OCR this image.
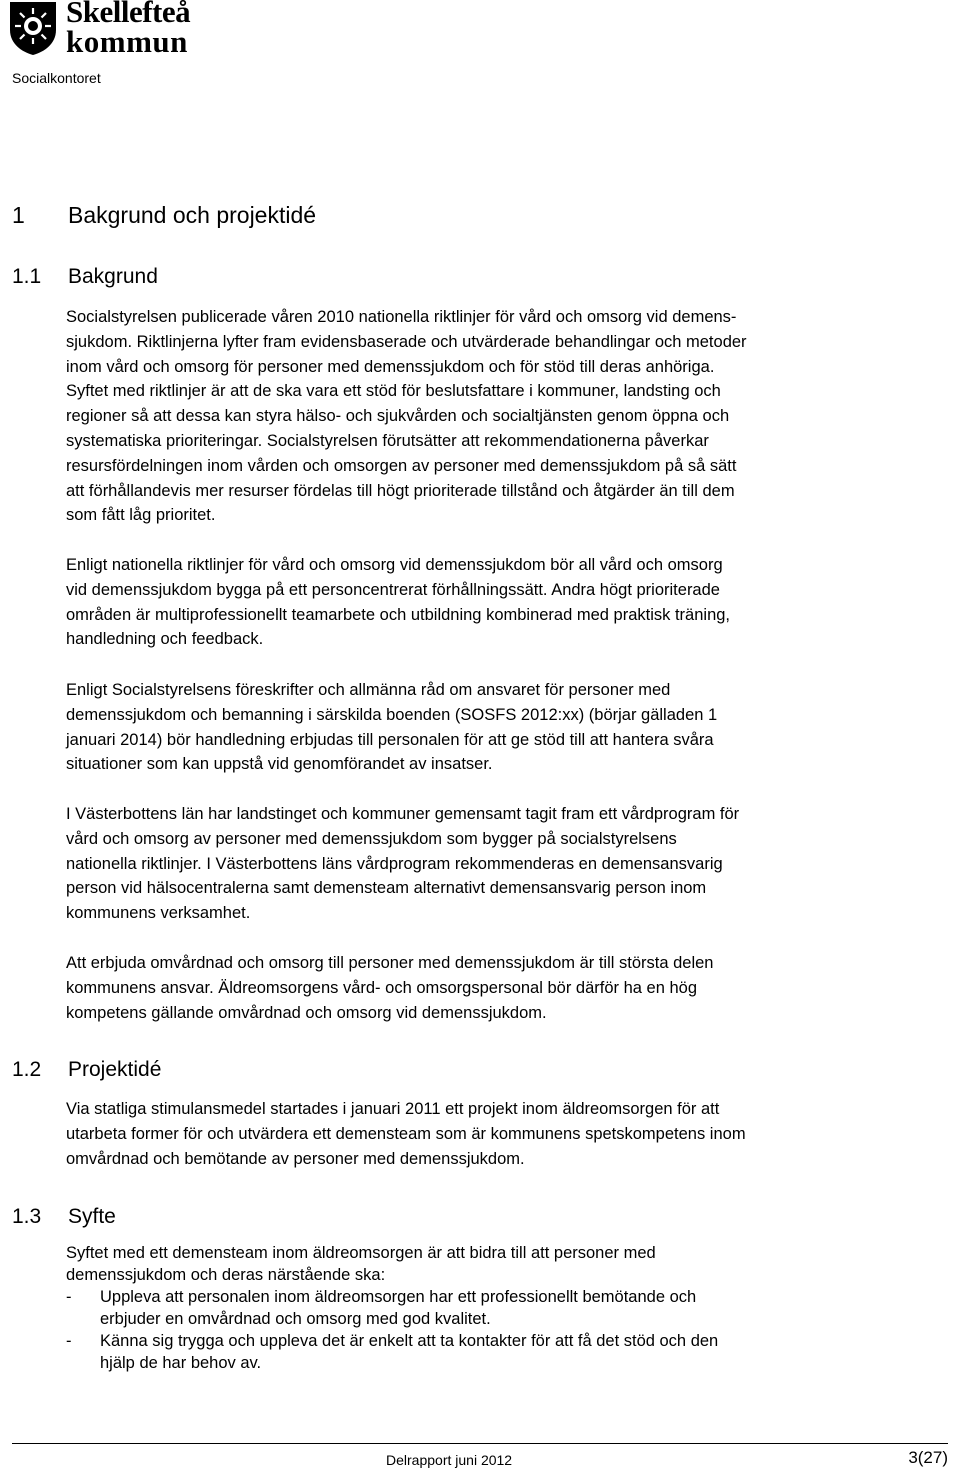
Skellefteå
kommun
Socialkontoret
1 Bakgrund och projektidé
1.1 Bakgrund
Socialstyrelsen publicerade våren 2010 nationella riktlinjer för vård och omsorg vid demens-
sjukdom. Riktlinjerna lyfter fram evidensbaserade och utvärderade behandlingar och metoder
inom vård och omsorg för personer med demenssjukdom och för stöd till deras anhöriga.
Syftet med riktlinjer är att de ska vara ett stöd för beslutsfattare i kommuner, landsting och
regioner så att dessa kan styra hälso- och sjukvården och socialtjänsten genom öppna och
systematiska prioriteringar. Socialstyrelsen förutsätter att rekommendationerna påverkar
resursfördelningen inom vården och omsorgen av personer med demenssjukdom på så sätt
att förhållandevis mer resurser fördelas till högt prioriterade tillstånd och åtgärder än till dem
som fått låg prioritet.
Enligt nationella riktlinjer för vård och omsorg vid demenssjukdom bör all vård och omsorg
vid demenssjukdom bygga på ett personcentrerat förhållningssätt. Andra högt prioriterade
områden är multiprofessionellt teamarbete och utbildning kombinerad med praktisk träning,
handledning och feedback.
Enligt Socialstyrelsens föreskrifter och allmänna råd om ansvaret för personer med
demenssjukdom och bemanning i särskilda boenden (SOSFS 2012:xx) (börjar gälladen 1
januari 2014) bör handledning erbjudas till personalen för att ge stöd till att hantera svåra
situationer som kan uppstå vid genomförandet av insatser.
I Västerbottens län har landstinget och kommuner gemensamt tagit fram ett vårdprogram för
vård och omsorg av personer med demenssjukdom som bygger på socialstyrelsens
nationella riktlinjer. I Västerbottens läns vårdprogram rekommenderas en demensansvarig
person vid hälsocentralerna samt demensteam alternativt demensansvarig person inom
kommunens verksamhet.
Att erbjuda omvårdnad och omsorg till personer med demenssjukdom är till största delen
kommunens ansvar. Äldreomsorgens vård- och omsorgspersonal bör därför ha en hög
kompetens gällande omvårdnad och omsorg vid demenssjukdom.
1.2 Projektidé
Via statliga stimulansmedel startades i januari 2011 ett projekt inom äldreomsorgen för att
utarbeta former för och utvärdera ett demensteam som är kommunens spetskompetens inom
omvårdnad och bemötande av personer med demenssjukdom.
1.3 Syfte
Syftet med ett demensteam inom äldreomsorgen är att bidra till att personer med
demenssjukdom och deras närstående ska:
- Uppleva att personalen inom äldreomsorgen har ett professionellt bemötande och
erbjuder en omvårdnad och omsorg med god kvalitet.
- Känna sig trygga och uppleva det är enkelt att ta kontakter för att få det stöd och den
hjälp de har behov av.
Delrapport juni 2012	3(27)
